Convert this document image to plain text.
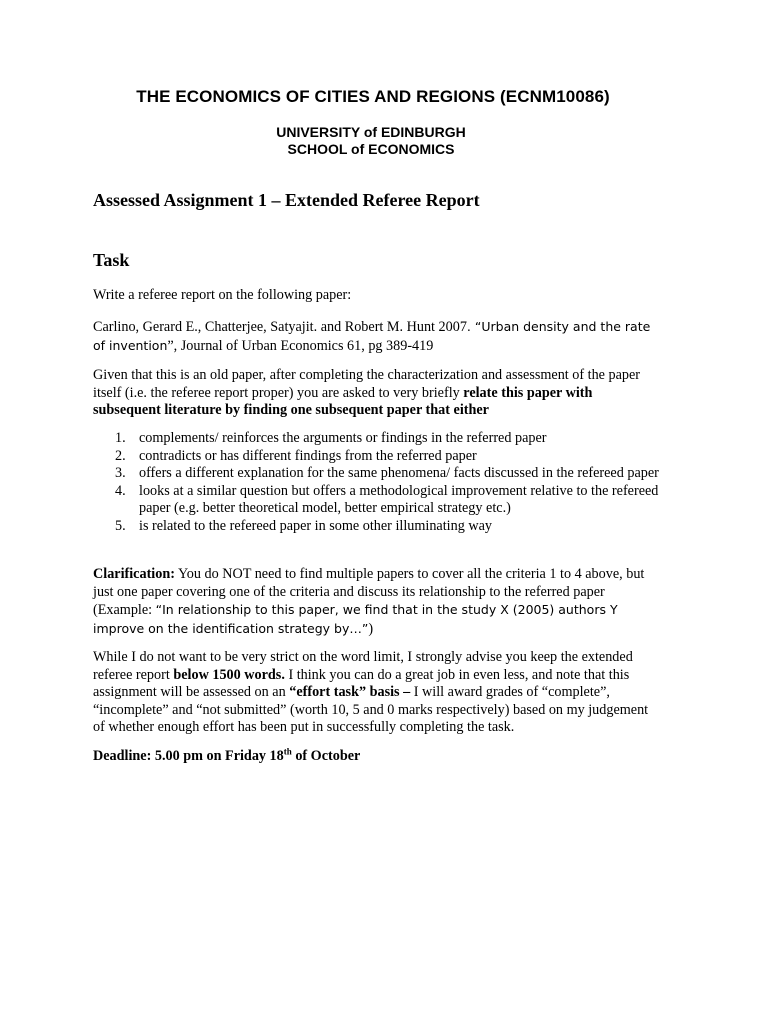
THE ECONOMICS OF CITIES AND REGIONS (ECNM10086)
UNIVERSITY of EDINBURGH
SCHOOL of ECONOMICS
Assessed Assignment 1 – Extended Referee Report
Task
Write a referee report on the following paper:
Carlino, Gerard E., Chatterjee, Satyajit. and Robert M. Hunt 2007. “Urban density and the rate of invention”, Journal of Urban Economics 61, pg 389-419
Given that this is an old paper, after completing the characterization and assessment of the paper itself (i.e. the referee report proper) you are asked to very briefly relate this paper with subsequent literature by finding one subsequent paper that either
1. complements/ reinforces the arguments or findings in the referred paper
2. contradicts or has different findings from the referred paper
3. offers a different explanation for the same phenomena/ facts discussed in the refereed paper
4. looks at a similar question but offers a methodological improvement relative to the refereed paper (e.g. better theoretical model, better empirical strategy etc.)
5. is related to the refereed paper in some other illuminating way
Clarification: You do NOT need to find multiple papers to cover all the criteria 1 to 4 above, but just one paper covering one of the criteria and discuss its relationship to the referred paper (Example: “In relationship to this paper, we find that in the study X (2005) authors Y improve on the identification strategy by…”)
While I do not want to be very strict on the word limit, I strongly advise you keep the extended referee report below 1500 words. I think you can do a great job in even less, and note that this assignment will be assessed on an “effort task” basis – I will award grades of “complete”, “incomplete” and “not submitted” (worth 10, 5 and 0 marks respectively) based on my judgement of whether enough effort has been put in successfully completing the task.
Deadline: 5.00 pm on Friday 18th of October
